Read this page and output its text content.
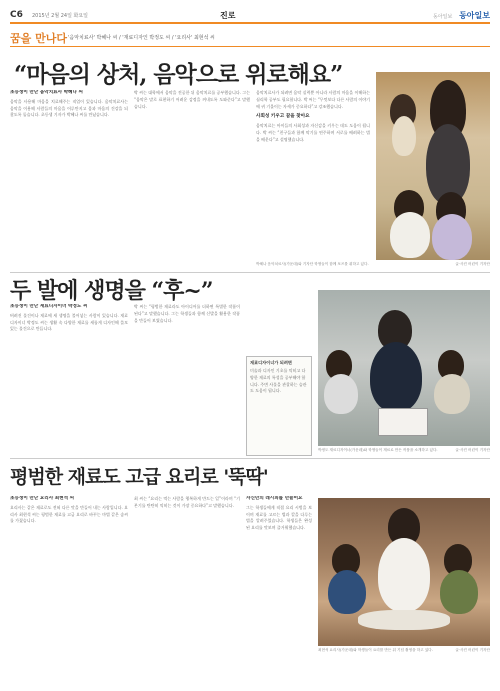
C6 2015년 2월 24일 화요일	진로	동아일보 동아일보
꿈을 만나다 '음악치료사' 박혜나 씨 / '재료디자인 박정도 씨 / '요리사' 최현석 씨
“마음의 상처, 음악으로 위로해요”
초등생이 만난 음악치료사 박혜나 씨
음악을 사용해 마음을 치료해주는 직업이 있습니다. 음악치료사는 음악을 이용해 사람들의 마음을 어루만지고 몸과 마음의 건강을 되찾도록 돕습니다. 초등생 기자가 박혜나 씨를 만났습니다.
박 씨는 대학에서 음악을 전공한 뒤 음악치료를 공부했습니다. 그는 “음악은 말로 표현하기 어려운 감정을 꺼내도록 도와준다”고 말했습니다.
음악치료사가 되려면 음악 실력뿐 아니라 사람의 마음을 이해하는 심리학 공부도 필요합니다. 박 씨는 “무엇보다 다른 사람의 이야기에 귀 기울이는 자세가 중요하다”고 강조했습니다.
사회성 키우고 꿈을 찾아요
음악치료는 아이들의 사회성과 자신감을 키우는 데도 도움이 됩니다. 박 씨는 “친구들과 함께 악기를 연주하며 서로를 배려하는 법을 배운다”고 설명했습니다.
박혜나 음악치료사(가운데)와 기자단 학생들이 함께 포즈를 취하고 있다.	글·사진 어린이 기자단
두 발에 생명을 “후~”
초등생이 만난 재료디자이너 박정도 씨
버려진 물건이나 재료에 새 생명을 불어넣는 사람이 있습니다. 재료디자이너 박정도 씨는 생활 속 다양한 재료를 새롭게 디자인해 쓸모 있는 물건으로 만듭니다.
박 씨는 “평범한 재료라도 아이디어를 더하면 특별한 작품이 된다”고 말했습니다. 그는 학생들과 함께 신발을 활용한 작품을 만들어 보였습니다.
재료디자이너가 되려면
미술과 디자인 기초를 익히고 다양한 재료의 특성을 공부해야 합니다. 주변 사물을 관찰하는 습관도 도움이 됩니다.
박정도 재료디자이너(가운데)와 학생들이 재료로 만든 작품을 소개하고 있다.	글·사진 어린이 기자단
평범한 재료도 고급 요리로 '뚝딱'
초등생이 만난 요리사 최현석 씨
요리사는 같은 재료로도 전혀 다른 맛을 만들어 내는 사람입니다. 요리사 최현석 씨는 평범한 재료를 고급 요리로 바꾸는 마법 같은 솜씨를 가졌습니다.
최 씨는 “요리는 먹는 사람을 행복하게 만드는 일”이라며 “기본기를 탄탄히 익히는 것이 가장 중요하다”고 말했습니다.
자신만의 레시피를 만들어요
그는 학생들에게 직접 요리 시범을 보이며 재료를 고르는 법과 칼을 다루는 법을 알려주었습니다. 학생들은 완성된 요리를 맛보며 즐거워했습니다.
최현석 요리사(가운데)와 학생들이 요리를 만든 뒤 기념 촬영을 하고 있다.	글·사진 어린이 기자단
